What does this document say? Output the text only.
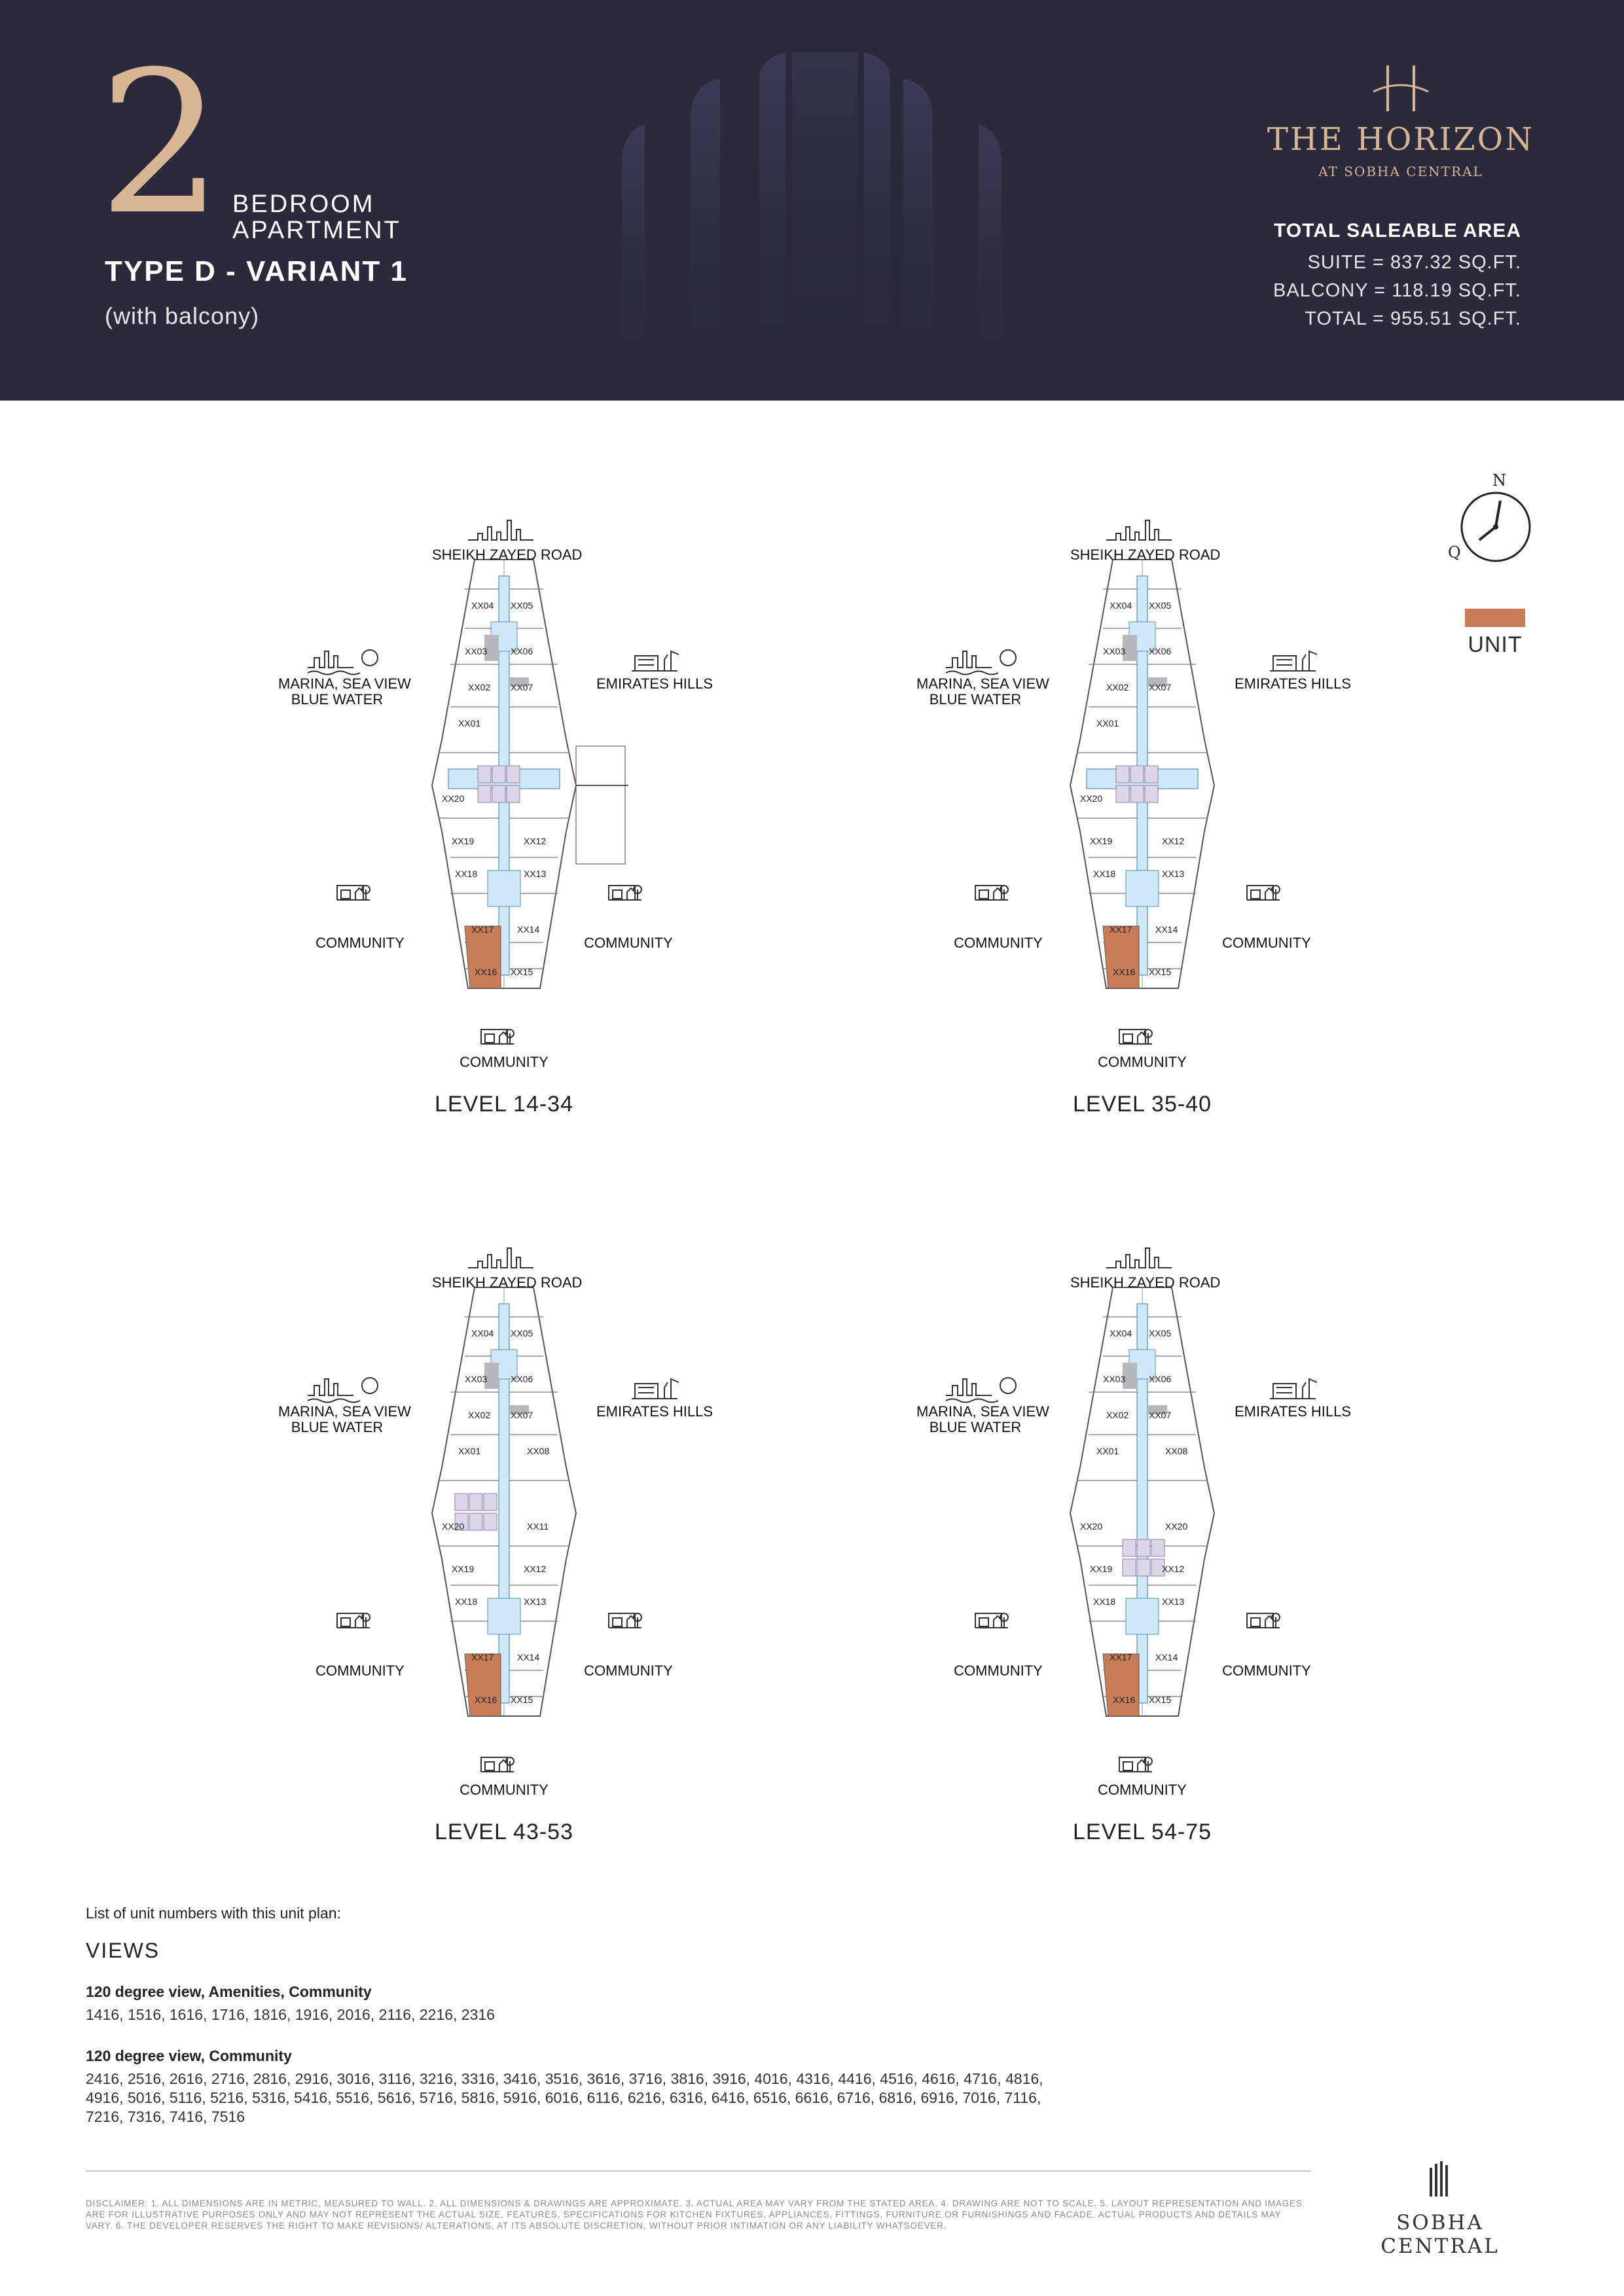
2 BEDROOM
APARTMENT
TYPE D - VARIANT 1
(with balcony)
THE HORIZON
AT SOBHA CENTRAL
TOTAL SALEABLE AREA
SUITE = 837.32 SQ.FT.
BALCONY = 118.19 SQ.FT.
TOTAL = 955.51 SQ.FT.
N
Q
UNIT
XX04 XX05
XX03	XX06
XX02 XX07
XX01
XX20
XX19	XX12
XX18	XX13
XX17	XX14
XX16 XX15
SHEIKH ZAYED ROAD
MARINA, SEA VIEW
BLUE WATER
EMIRATES HILLS
COMMUNITY	COMMUNITY
COMMUNITY
LEVEL 14-34
XX04 XX05
XX03	XX06
XX02 XX07
XX01
XX20
XX19	XX12
XX18	XX13
XX17	XX14
XX16 XX15
SHEIKH ZAYED ROAD
MARINA, SEA VIEW
BLUE WATER
EMIRATES HILLS
COMMUNITY	COMMUNITY
COMMUNITY
LEVEL 35-40
XX04 XX05
XX03	XX06
XX02 XX07
XX01	XX08
XX20	XX11
XX19	XX12
XX18	XX13
XX17	XX14
XX16 XX15
SHEIKH ZAYED ROAD
MARINA, SEA VIEW
BLUE WATER
EMIRATES HILLS
COMMUNITY	COMMUNITY
COMMUNITY
LEVEL 43-53
XX04 XX05
XX03	XX06
XX02 XX07
XX01	XX08
XX20	XX20
XX19	XX12
XX18	XX13
XX17	XX14
XX16 XX15
SHEIKH ZAYED ROAD
MARINA, SEA VIEW
BLUE WATER
EMIRATES HILLS
COMMUNITY	COMMUNITY
COMMUNITY
LEVEL 54-75
List of unit numbers with this unit plan:
VIEWS
120 degree view, Amenities, Community
1416, 1516, 1616, 1716, 1816, 1916, 2016, 2116, 2216, 2316
120 degree view, Community
2416, 2516, 2616, 2716, 2816, 2916, 3016, 3116, 3216, 3316, 3416, 3516, 3616, 3716, 3816, 3916, 4016, 4316, 4416, 4516, 4616, 4716, 4816, 4916, 5016, 5116, 5216, 5316, 5416, 5516, 5616, 5716, 5816, 5916, 6016, 6116, 6216, 6316, 6416, 6516, 6616, 6716, 6816, 6916, 7016, 7116, 7216, 7316, 7416, 7516
DISCLAIMER: 1. ALL DIMENSIONS ARE IN METRIC, MEASURED TO WALL. 2. ALL DIMENSIONS & DRAWINGS ARE APPROXIMATE. 3. ACTUAL AREA MAY VARY FROM THE STATED AREA. 4. DRAWING ARE NOT TO SCALE. 5. LAYOUT REPRESENTATION AND IMAGES ARE FOR ILLUSTRATIVE PURPOSES ONLY AND MAY NOT REPRESENT THE ACTUAL SIZE, FEATURES, SPECIFICATIONS FOR KITCHEN FIXTURES, APPLIANCES, FITTINGS, FURNITURE OR FURNISHINGS AND FACADE. ACTUAL PRODUCTS AND DETAILS MAY VARY. 6. THE DEVELOPER RESERVES THE RIGHT TO MAKE REVISIONS/ ALTERATIONS, AT ITS ABSOLUTE DISCRETION, WITHOUT PRIOR INTIMATION OR ANY LIABILITY WHATSOEVER.	SOBHA CENTRAL
